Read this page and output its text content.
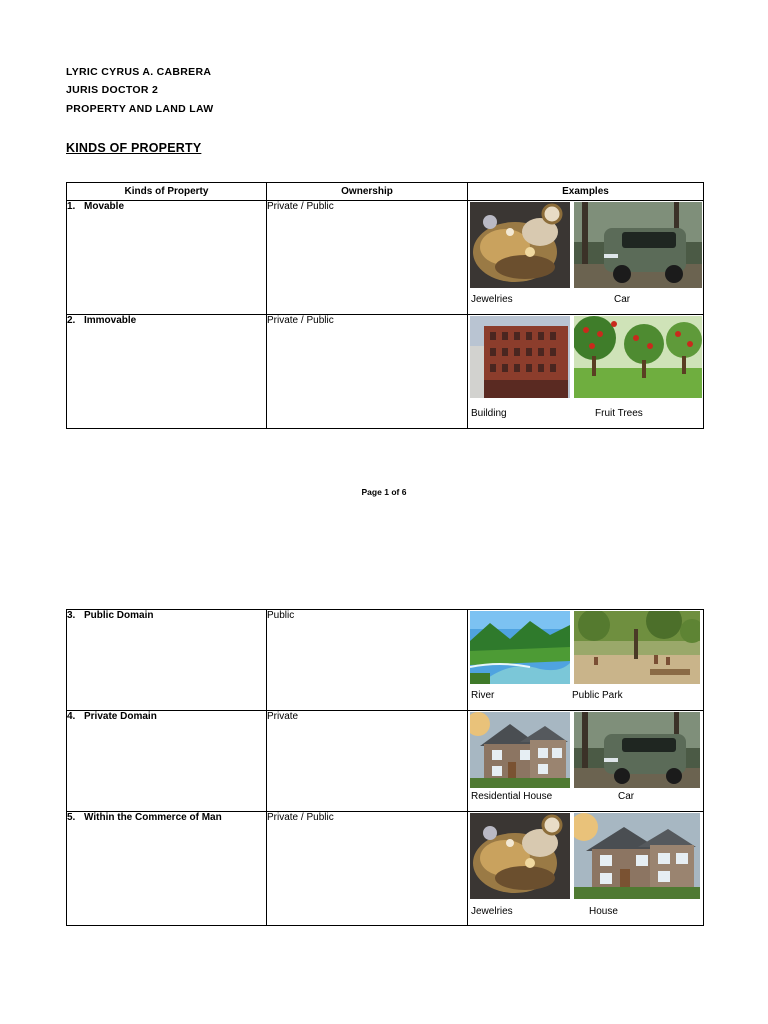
LYRIC CYRUS A. CABRERA
JURIS DOCTOR 2
PROPERTY AND LAND LAW
KINDS OF PROPERTY
Kinds of Property	Ownership	Examples
1. Movable	Private / Public	Jewelries Car

2. Immovable	Private / Public	Building Fruit Trees
Page 1 of 6
3. Public Domain	Public	River Public Park

4. Private Domain	Private	Residential House Car

5. Within the Commerce of Man	Private / Public	Jewelries House
